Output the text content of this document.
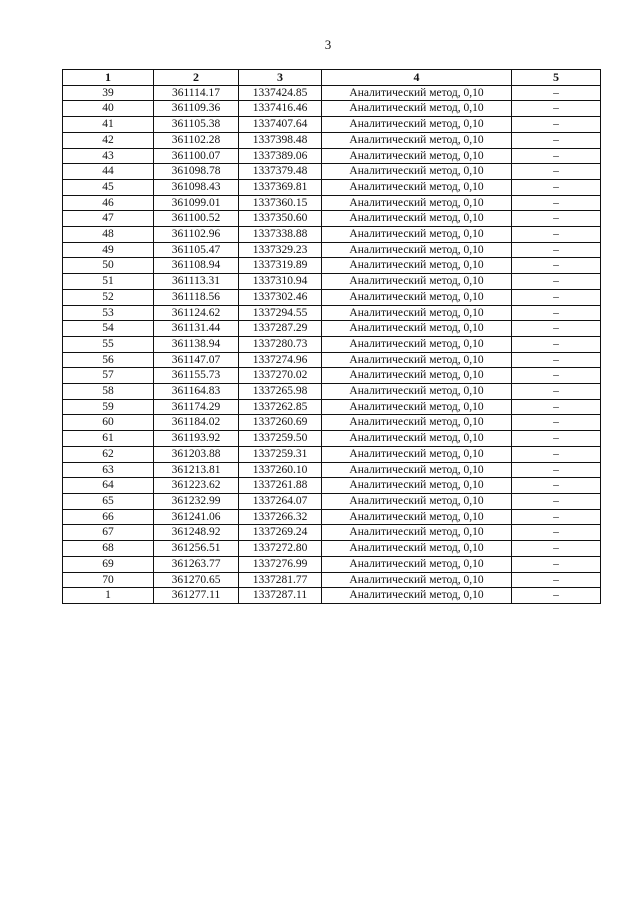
3
1	2	3	4	5
39	361114.17	1337424.85	Аналитический метод, 0,10	–
40	361109.36	1337416.46	Аналитический метод, 0,10	–
41	361105.38	1337407.64	Аналитический метод, 0,10	–
42	361102.28	1337398.48	Аналитический метод, 0,10	–
43	361100.07	1337389.06	Аналитический метод, 0,10	–
44	361098.78	1337379.48	Аналитический метод, 0,10	–
45	361098.43	1337369.81	Аналитический метод, 0,10	–
46	361099.01	1337360.15	Аналитический метод, 0,10	–
47	361100.52	1337350.60	Аналитический метод, 0,10	–
48	361102.96	1337338.88	Аналитический метод, 0,10	–
49	361105.47	1337329.23	Аналитический метод, 0,10	–
50	361108.94	1337319.89	Аналитический метод, 0,10	–
51	361113.31	1337310.94	Аналитический метод, 0,10	–
52	361118.56	1337302.46	Аналитический метод, 0,10	–
53	361124.62	1337294.55	Аналитический метод, 0,10	–
54	361131.44	1337287.29	Аналитический метод, 0,10	–
55	361138.94	1337280.73	Аналитический метод, 0,10	–
56	361147.07	1337274.96	Аналитический метод, 0,10	–
57	361155.73	1337270.02	Аналитический метод, 0,10	–
58	361164.83	1337265.98	Аналитический метод, 0,10	–
59	361174.29	1337262.85	Аналитический метод, 0,10	–
60	361184.02	1337260.69	Аналитический метод, 0,10	–
61	361193.92	1337259.50	Аналитический метод, 0,10	–
62	361203.88	1337259.31	Аналитический метод, 0,10	–
63	361213.81	1337260.10	Аналитический метод, 0,10	–
64	361223.62	1337261.88	Аналитический метод, 0,10	–
65	361232.99	1337264.07	Аналитический метод, 0,10	–
66	361241.06	1337266.32	Аналитический метод, 0,10	–
67	361248.92	1337269.24	Аналитический метод, 0,10	–
68	361256.51	1337272.80	Аналитический метод, 0,10	–
69	361263.77	1337276.99	Аналитический метод, 0,10	–
70	361270.65	1337281.77	Аналитический метод, 0,10	–
1	361277.11	1337287.11	Аналитический метод, 0,10	–
